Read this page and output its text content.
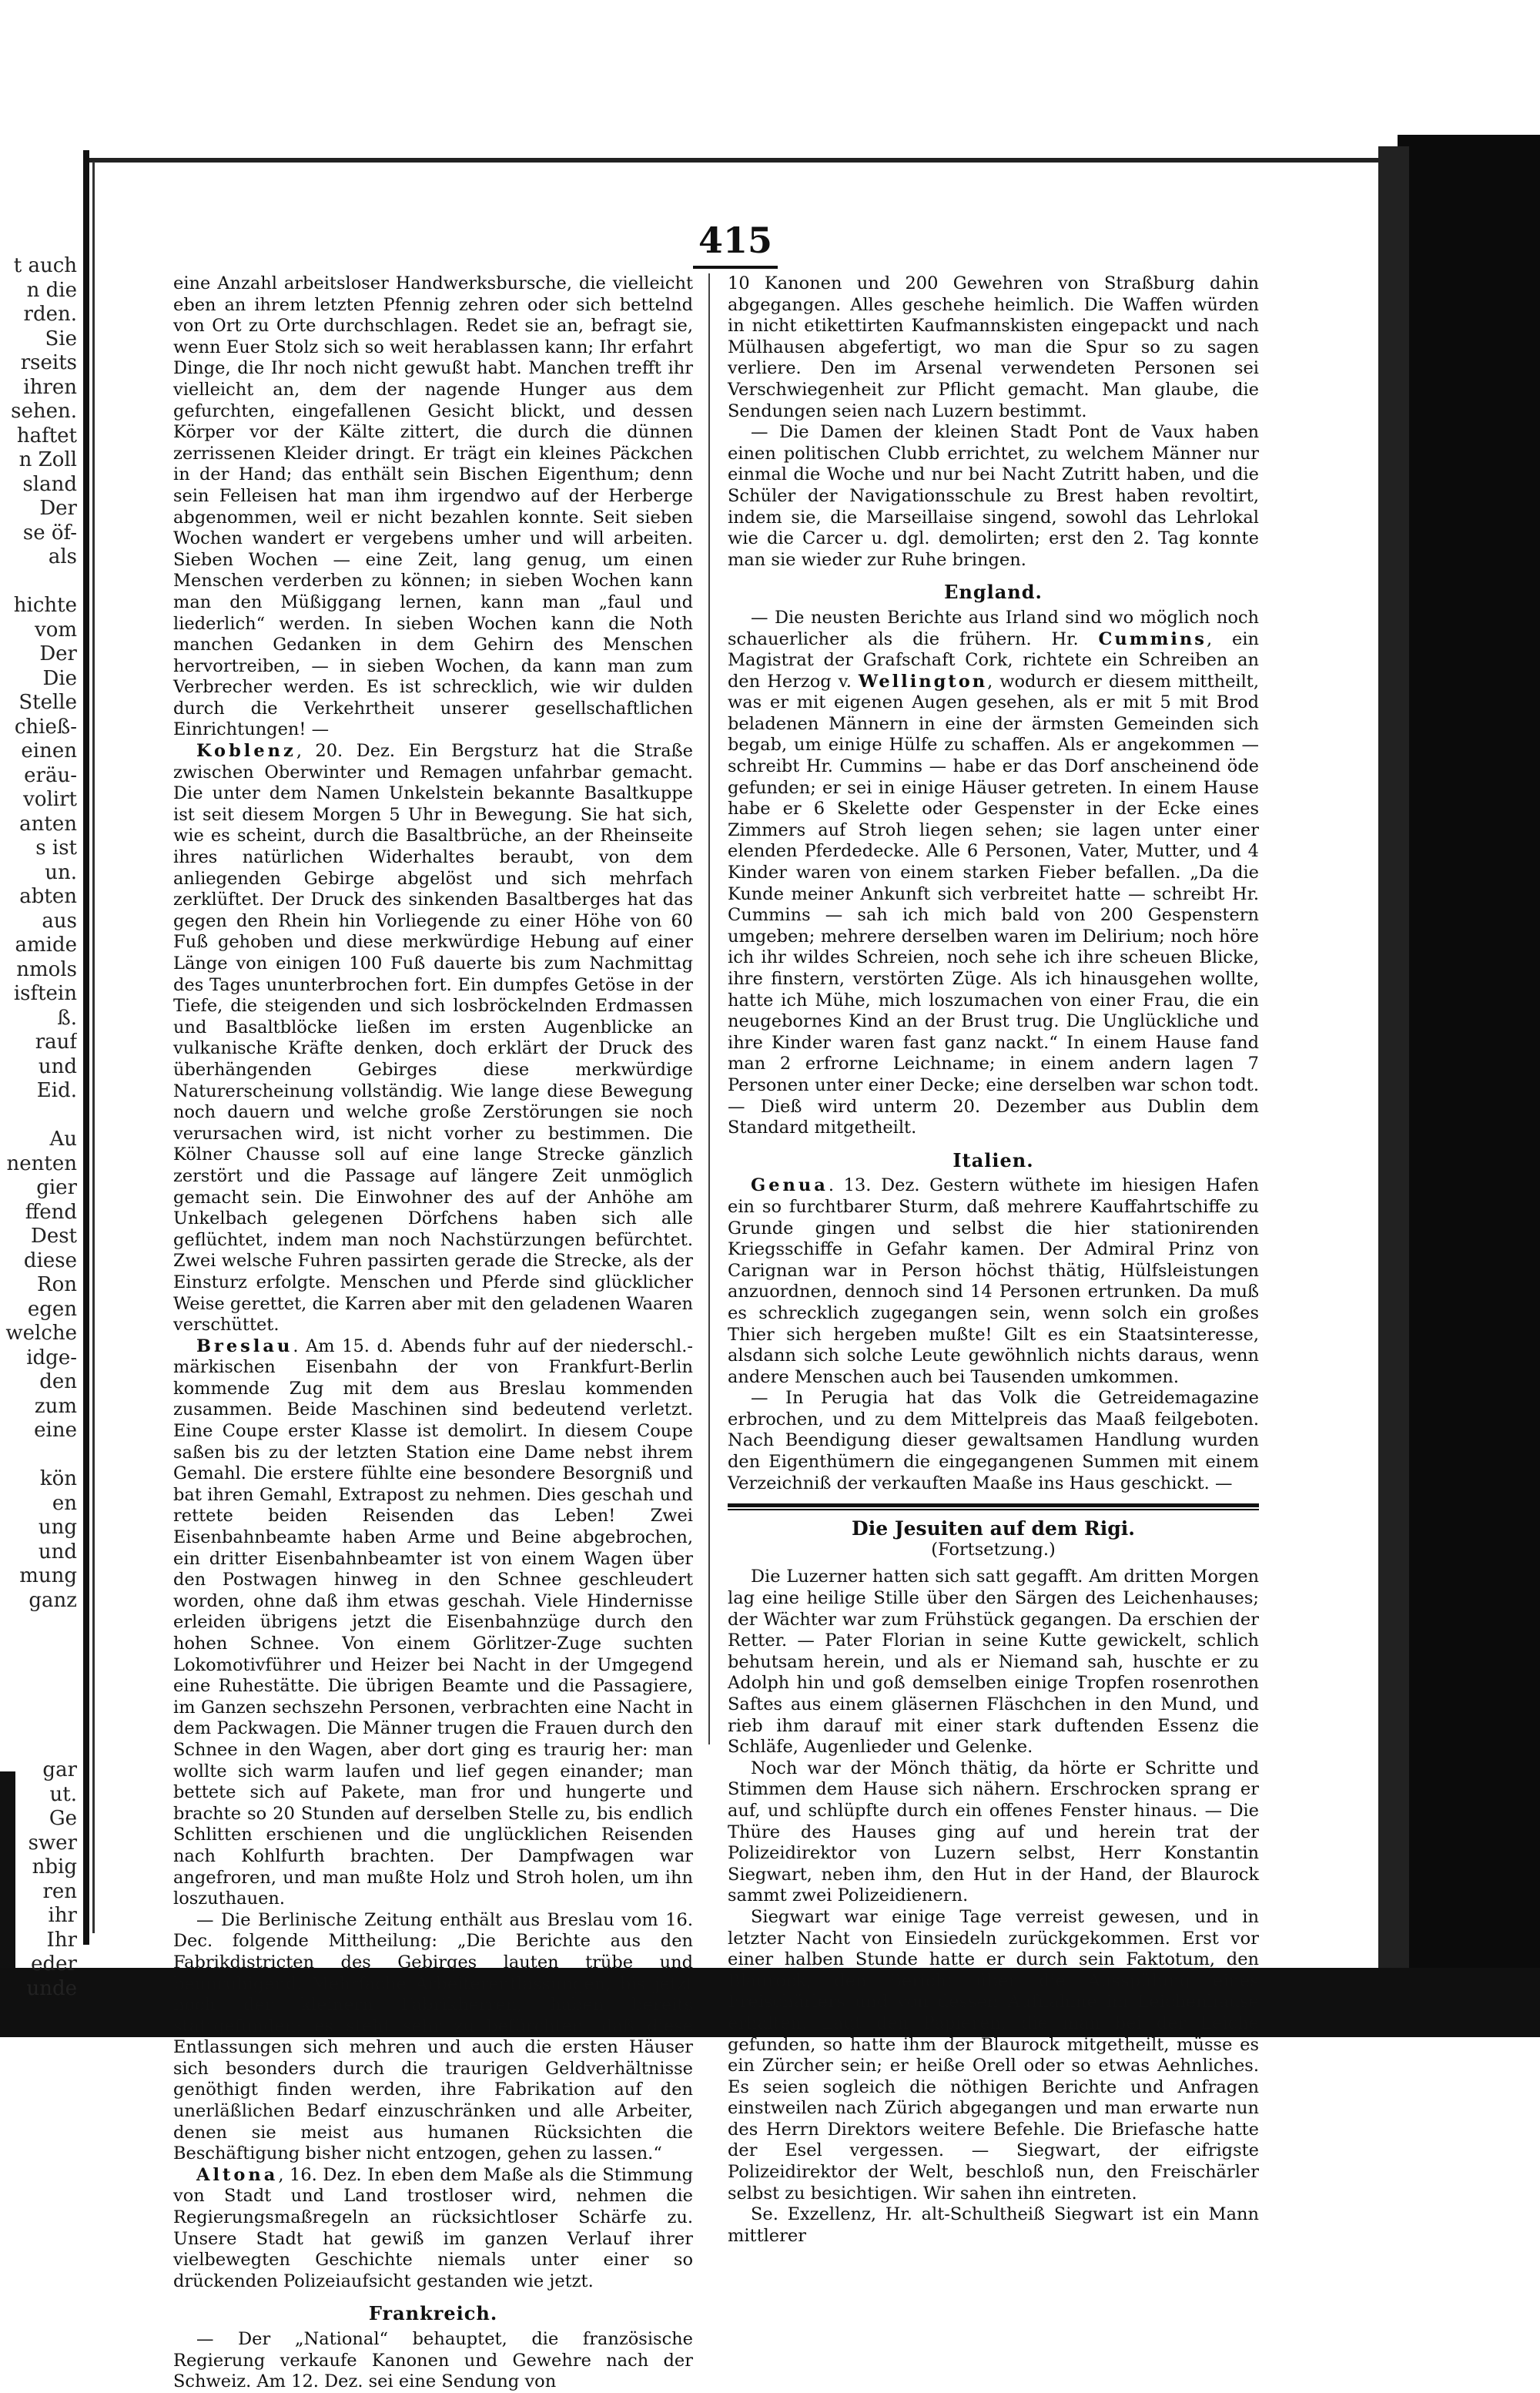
t auch
n die
rden.
Sie
rseits
ihren
sehen.
haftet
n Zoll
sland
Der
se öf-
als
hichte
vom
Der
Die
Stelle
chieß-
einen
eräu-
volirt
anten
s ist
un.
abten
aus
amide
nmols
isftein
ß.
rauf
und
Eid.
Au
nenten
gier
ffend
Dest
diese
Ron
egen
welche
idge-
den
zum
eine
kön
en
ung
und
mung
ganz
gar
ut.
Ge
swer
nbig
ren
ihr
Ihr
eder
unde
415

eine Anzahl arbeitsloser Handwerksbursche, die vielleicht eben an ihrem letzten Pfennig zehren oder sich bettelnd von Ort zu Orte durchschlagen. Redet sie an, befragt sie, wenn Euer Stolz sich so weit herablassen kann; Ihr erfahrt Dinge, die Ihr noch nicht gewußt habt. Manchen trefft ihr vielleicht an, dem der nagende Hunger aus dem gefurchten, eingefallenen Gesicht blickt, und dessen Körper vor der Kälte zittert, die durch die dünnen zerrissenen Kleider dringt. Er trägt ein kleines Päckchen in der Hand; das enthält sein Bischen Eigenthum; denn sein Felleisen hat man ihm irgendwo auf der Herberge abgenommen, weil er nicht bezahlen konnte. Seit sieben Wochen wandert er vergebens umher und will arbeiten. Sieben Wochen — eine Zeit, lang genug, um einen Menschen verderben zu können; in sieben Wochen kann man den Müßiggang lernen, kann man „faul und liederlich“ werden. In sieben Wochen kann die Noth manchen Gedanken in dem Gehirn des Menschen hervortreiben, — in sieben Wochen, da kann man zum Verbrecher werden. Es ist schrecklich, wie wir dulden durch die Verkehrtheit unserer gesellschaftlichen Einrichtungen! —

Koblenz, 20. Dez. Ein Bergsturz hat die Straße zwischen Oberwinter und Remagen unfahrbar gemacht. Die unter dem Namen Unkelstein bekannte Basaltkuppe ist seit diesem Morgen 5 Uhr in Bewegung. Sie hat sich, wie es scheint, durch die Basaltbrüche, an der Rheinseite ihres natürlichen Widerhaltes beraubt, von dem anliegenden Gebirge abgelöst und sich mehrfach zerklüftet. Der Druck des sinkenden Basaltberges hat das gegen den Rhein hin Vorliegende zu einer Höhe von 60 Fuß gehoben und diese merkwürdige Hebung auf einer Länge von einigen 100 Fuß dauerte bis zum Nachmittag des Tages ununterbrochen fort. Ein dumpfes Getöse in der Tiefe, die steigenden und sich losbröckelnden Erdmassen und Basaltblöcke ließen im ersten Augenblicke an vulkanische Kräfte denken, doch erklärt der Druck des überhängenden Gebirges diese merkwürdige Naturerscheinung vollständig. Wie lange diese Bewegung noch dauern und welche große Zerstörungen sie noch verursachen wird, ist nicht vorher zu bestimmen. Die Kölner Chausse soll auf eine lange Strecke gänzlich zerstört und die Passage auf längere Zeit unmöglich gemacht sein. Die Einwohner des auf der Anhöhe am Unkelbach gelegenen Dörfchens haben sich alle geflüchtet, indem man noch Nachstürzungen befürchtet. Zwei welsche Fuhren passirten gerade die Strecke, als der Einsturz erfolgte. Menschen und Pferde sind glücklicher Weise gerettet, die Karren aber mit den geladenen Waaren verschüttet.

Breslau. Am 15. d. Abends fuhr auf der niederschl.-märkischen Eisenbahn der von Frankfurt-Berlin kommende Zug mit dem aus Breslau kommenden zusammen. Beide Maschinen sind bedeutend verletzt. Eine Coupe erster Klasse ist demolirt. In diesem Coupe saßen bis zu der letzten Station eine Dame nebst ihrem Gemahl. Die erstere fühlte eine besondere Besorgniß und bat ihren Gemahl, Extrapost zu nehmen. Dies geschah und rettete beiden Reisenden das Leben! Zwei Eisenbahnbeamte haben Arme und Beine abgebrochen, ein dritter Eisenbahnbeamter ist von einem Wagen über den Postwagen hinweg in den Schnee geschleudert worden, ohne daß ihm etwas geschah. Viele Hindernisse erleiden übrigens jetzt die Eisenbahnzüge durch den hohen Schnee. Von einem Görlitzer-Zuge suchten Lokomotivführer und Heizer bei Nacht in der Umgegend eine Ruhestätte. Die übrigen Beamte und die Passagiere, im Ganzen sechszehn Personen, verbrachten eine Nacht in dem Packwagen. Die Männer trugen die Frauen durch den Schnee in den Wagen, aber dort ging es traurig her: man wollte sich warm laufen und lief gegen einander; man bettete sich auf Pakete, man fror und hungerte und brachte so 20 Stunden auf derselben Stelle zu, bis endlich Schlitten erschienen und die unglücklichen Reisenden nach Kohlfurth brachten. Der Dampfwagen war angefroren, und man mußte Holz und Stroh holen, um ihn loszuthauen.

— Die Berlinische Zeitung enthält aus Breslau vom 16. Dec. folgende Mittheilung: „Die Berichte aus den Fabrikdistricten des Gebirges lauten trübe und beunruhigend. Mehrfache Arbeiterentlassungen, bis jetzt noch der kleinern Fabrikherren, haben bereits stattgefunden; es steht sehr zu befürchten, daß diese Entlassungen sich mehren und auch die ersten Häuser sich besonders durch die traurigen Geldverhältnisse genöthigt finden werden, ihre Fabrikation auf den unerläßlichen Bedarf einzuschränken und alle Arbeiter, denen sie meist aus humanen Rücksichten die Beschäftigung bisher nicht entzogen, gehen zu lassen.“

Altona, 16. Dez. In eben dem Maße als die Stimmung von Stadt und Land trostloser wird, nehmen die Regierungsmaßregeln an rücksichtloser Schärfe zu. Unsere Stadt hat gewiß im ganzen Verlauf ihrer vielbewegten Geschichte niemals unter einer so drückenden Polizeiaufsicht gestanden wie jetzt.

Frankreich.

— Der „National“ behauptet, die französische Regierung verkaufe Kanonen und Gewehre nach der Schweiz. Am 12. Dez. sei eine Sendung von

10 Kanonen und 200 Gewehren von Straßburg dahin abgegangen. Alles geschehe heimlich. Die Waffen würden in nicht etikettirten Kaufmannskisten eingepackt und nach Mülhausen abgefertigt, wo man die Spur so zu sagen verliere. Den im Arsenal verwendeten Personen sei Verschwiegenheit zur Pflicht gemacht. Man glaube, die Sendungen seien nach Luzern bestimmt.

— Die Damen der kleinen Stadt Pont de Vaux haben einen politischen Clubb errichtet, zu welchem Männer nur einmal die Woche und nur bei Nacht Zutritt haben, und die Schüler der Navigationsschule zu Brest haben revoltirt, indem sie, die Marseillaise singend, sowohl das Lehrlokal wie die Carcer u. dgl. demolirten; erst den 2. Tag konnte man sie wieder zur Ruhe bringen.

England.

— Die neusten Berichte aus Irland sind wo möglich noch schauerlicher als die frühern. Hr. Cummins, ein Magistrat der Grafschaft Cork, richtete ein Schreiben an den Herzog v. Wellington, wodurch er diesem mittheilt, was er mit eigenen Augen gesehen, als er mit 5 mit Brod beladenen Männern in eine der ärmsten Gemeinden sich begab, um einige Hülfe zu schaffen. Als er angekommen — schreibt Hr. Cummins — habe er das Dorf anscheinend öde gefunden; er sei in einige Häuser getreten. In einem Hause habe er 6 Skelette oder Gespenster in der Ecke eines Zimmers auf Stroh liegen sehen; sie lagen unter einer elenden Pferdedecke. Alle 6 Personen, Vater, Mutter, und 4 Kinder waren von einem starken Fieber befallen. „Da die Kunde meiner Ankunft sich verbreitet hatte — schreibt Hr. Cummins — sah ich mich bald von 200 Gespenstern umgeben; mehrere derselben waren im Delirium; noch höre ich ihr wildes Schreien, noch sehe ich ihre scheuen Blicke, ihre finstern, verstörten Züge. Als ich hinausgehen wollte, hatte ich Mühe, mich loszumachen von einer Frau, die ein neugebornes Kind an der Brust trug. Die Unglückliche und ihre Kinder waren fast ganz nackt.“ In einem Hause fand man 2 erfrorne Leichname; in einem andern lagen 7 Personen unter einer Decke; eine derselben war schon todt. — Dieß wird unterm 20. Dezember aus Dublin dem Standard mitgetheilt.

Italien.

Genua. 13. Dez. Gestern wüthete im hiesigen Hafen ein so furchtbarer Sturm, daß mehrere Kauffahrtschiffe zu Grunde gingen und selbst die hier stationirenden Kriegsschiffe in Gefahr kamen. Der Admiral Prinz von Carignan war in Person höchst thätig, Hülfsleistungen anzuordnen, dennoch sind 14 Personen ertrunken. Da muß es schrecklich zugegangen sein, wenn solch ein großes Thier sich hergeben mußte! Gilt es ein Staatsinteresse, alsdann sich solche Leute gewöhnlich nichts daraus, wenn andere Menschen auch bei Tausenden umkommen.

— In Perugia hat das Volk die Getreidemagazine erbrochen, und zu dem Mittelpreis das Maaß feilgeboten. Nach Beendigung dieser gewaltsamen Handlung wurden den Eigenthümern die eingegangenen Summen mit einem Verzeichniß der verkauften Maaße ins Haus geschickt. —

Die Jesuiten auf dem Rigi.
(Fortsetzung.)

Die Luzerner hatten sich satt gegafft. Am dritten Morgen lag eine heilige Stille über den Särgen des Leichenhauses; der Wächter war zum Frühstück gegangen. Da erschien der Retter. — Pater Florian in seine Kutte gewickelt, schlich behutsam herein, und als er Niemand sah, huschte er zu Adolph hin und goß demselben einige Tropfen rosenrothen Saftes aus einem gläsernen Fläschchen in den Mund, und rieb ihm darauf mit einer stark duftenden Essenz die Schläfe, Augenlieder und Gelenke.

Noch war der Mönch thätig, da hörte er Schritte und Stimmen dem Hause sich nähern. Erschrocken sprang er auf, und schlüpfte durch ein offenes Fenster hinaus. — Die Thüre des Hauses ging auf und herein trat der Polizeidirektor von Luzern selbst, Herr Konstantin Siegwart, neben ihm, den Hut in der Hand, der Blaurock sammt zwei Polizeidienern.

Siegwart war einige Tage verreist gewesen, und in letzter Nacht von Einsiedeln zurückgekommen. Erst vor einer halben Stunde hatte er durch sein Faktotum, den Blaurock, den Bericht über die Ausspülung eines Freischärlers und von dessen Aufnahme im Leichenhause erhalten. Laut den Papieren, die man bei der Leiche gefunden, so hatte ihm der Blaurock mitgetheilt, müsse es ein Zürcher sein; er heiße Orell oder so etwas Aehnliches. Es seien sogleich die nöthigen Berichte und Anfragen einstweilen nach Zürich abgegangen und man erwarte nun des Herrn Direktors weitere Befehle. Die Briefasche hatte der Esel vergessen. — Siegwart, der eifrigste Polizeidirektor der Welt, beschloß nun, den Freischärler selbst zu besichtigen. Wir sahen ihn eintreten.

Se. Exzellenz, Hr. alt-Schultheiß Siegwart ist ein Mann mittlerer
